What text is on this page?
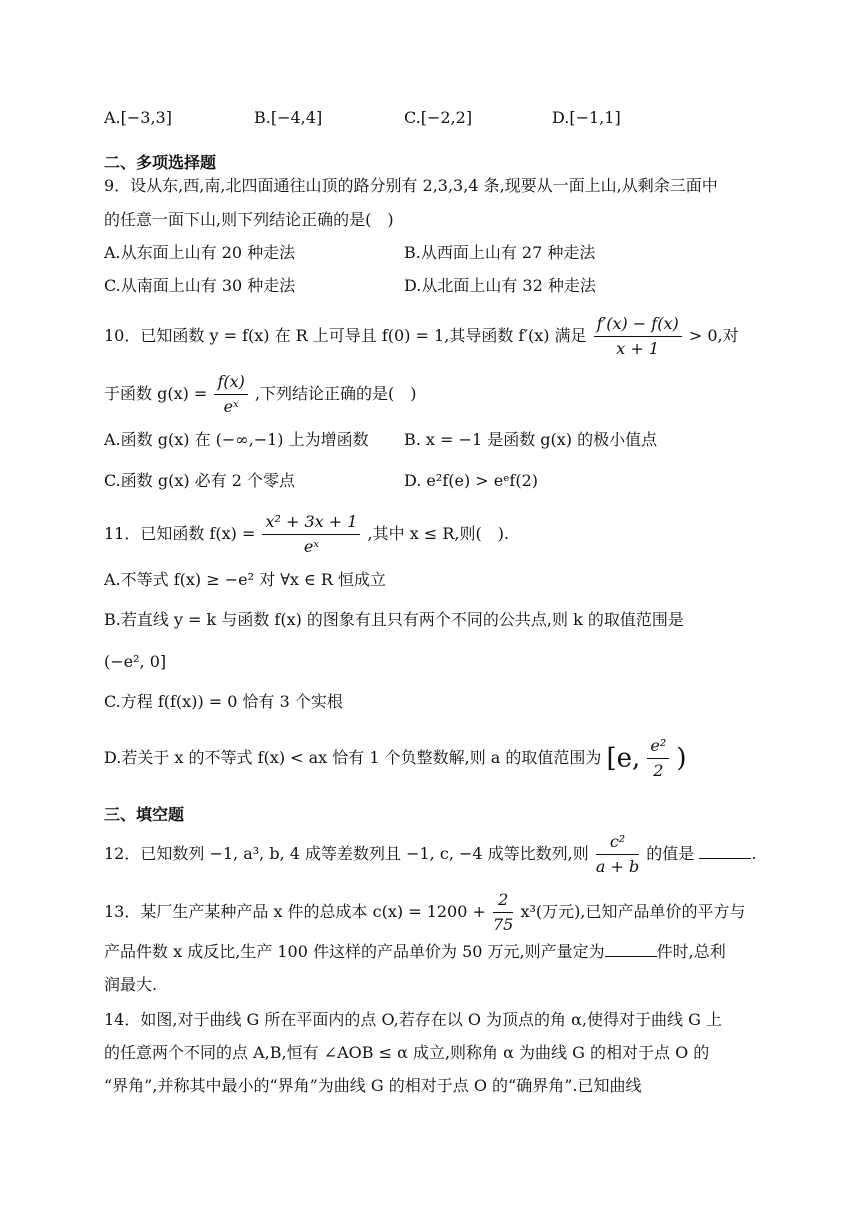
A.[−3,3]	B.[−4,4]	C.[−2,2]	D.[−1,1]
二、多项选择题
9．设从东,西,南,北四面通往山顶的路分别有 2,3,3,4 条,现要从一面上山,从剩余三面中
的任意一面下山,则下列结论正确的是(　)
A.从东面上山有 20 种走法	B.从西面上山有 27 种走法
C.从南面上山有 30 种走法	D.从北面上山有 32 种走法
10．已知函数 y = f(x) 在 R 上可导且 f(0) = 1,其导函数 f′(x) 满足 $\frac{f'(x) - f(x)}{x + 1} > 0$,对
于函数 $g(x) = \frac{f(x)}{\text{eˣ}}$ ,下列结论正确的是(　)
A.函数 g(x) 在 (−∞,−1) 上为增函数 B. x = −1 是函数 g(x) 的极小值点
C.函数 g(x) 必有 2 个零点	D. e²f(e) > eᵉf(2)
11．已知函数 $f(x) = \frac{\text{x² + 3x + 1}}{\text{eˣ}}$ ,其中 x ≤ R,则(　).
A.不等式 f(x) ≥ −e² 对 ∀x ∈ R 恒成立
B.若直线 y = k 与函数 f(x) 的图象有且只有两个不同的公共点,则 k 的取值范围是
(−e², 0]
C.方程 f(f(x)) = 0 恰有 3 个实根
D.若关于 x 的不等式 f(x) < ax 恰有 1 个负整数解,则 a 的取值范围为 [e, $\frac{\text{e²}}{2}$ )
三、填空题
12．已知数列 −1, a³, b, 4 成等差数列且 −1, c, −4 成等比数列,则 $\frac{\text{c²}}{a + b}$ 的值是	.
13．某厂生产某种产品 x 件的总成本 $c(x) = 1200 + \frac{2}{75} x^3$(万元),已知产品单价的平方与
产品件数 x 成反比,生产 100 件这样的产品单价为 50 万元,则产量定为	件时,总利
润最大.
14．如图,对于曲线 G 所在平面内的点 O,若存在以 O 为顶点的角 α,使得对于曲线 G 上
的任意两个不同的点 A,B,恒有 ∠AOB ≤ α 成立,则称角 α 为曲线 G 的相对于点 O 的
“界角”,并称其中最小的“界角”为曲线 G 的相对于点 O 的“确界角”.已知曲线
